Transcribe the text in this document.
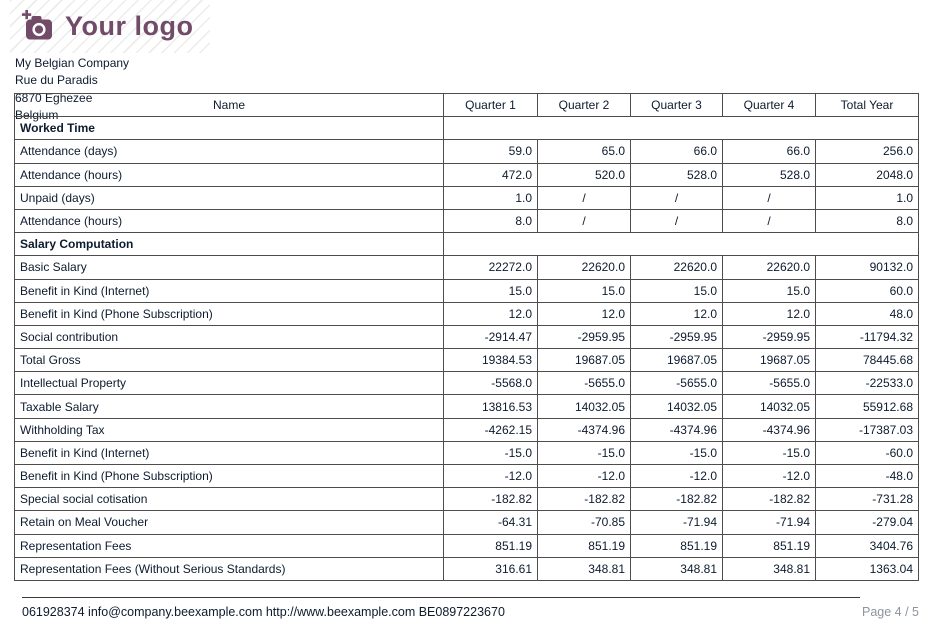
Your logo
My Belgian Company
Rue du Paradis
6870 Eghezee
Belgium
Name	Quarter 1	Quarter 2	Quarter 3	Quarter 4	Total Year
Worked Time					
Attendance (days)	59.0	65.0	66.0	66.0	256.0
Attendance (hours)	472.0	520.0	528.0	528.0	2048.0
Unpaid (days)	1.0	/	/	/	1.0
Attendance (hours)	8.0	/	/	/	8.0
Salary Computation					
Basic Salary	22272.0	22620.0	22620.0	22620.0	90132.0
Benefit in Kind (Internet)	15.0	15.0	15.0	15.0	60.0
Benefit in Kind (Phone Subscription)	12.0	12.0	12.0	12.0	48.0
Social contribution	-2914.47	-2959.95	-2959.95	-2959.95	-11794.32
Total Gross	19384.53	19687.05	19687.05	19687.05	78445.68
Intellectual Property	-5568.0	-5655.0	-5655.0	-5655.0	-22533.0
Taxable Salary	13816.53	14032.05	14032.05	14032.05	55912.68
Withholding Tax	-4262.15	-4374.96	-4374.96	-4374.96	-17387.03
Benefit in Kind (Internet)	-15.0	-15.0	-15.0	-15.0	-60.0
Benefit in Kind (Phone Subscription)	-12.0	-12.0	-12.0	-12.0	-48.0
Special social cotisation	-182.82	-182.82	-182.82	-182.82	-731.28
Retain on Meal Voucher	-64.31	-70.85	-71.94	-71.94	-279.04
Representation Fees	851.19	851.19	851.19	851.19	3404.76
Representation Fees (Without Serious Standards)	316.61	348.81	348.81	348.81	1363.04
061928374 info@company.beexample.com http://www.beexample.com BE0897223670	Page 4 / 5
